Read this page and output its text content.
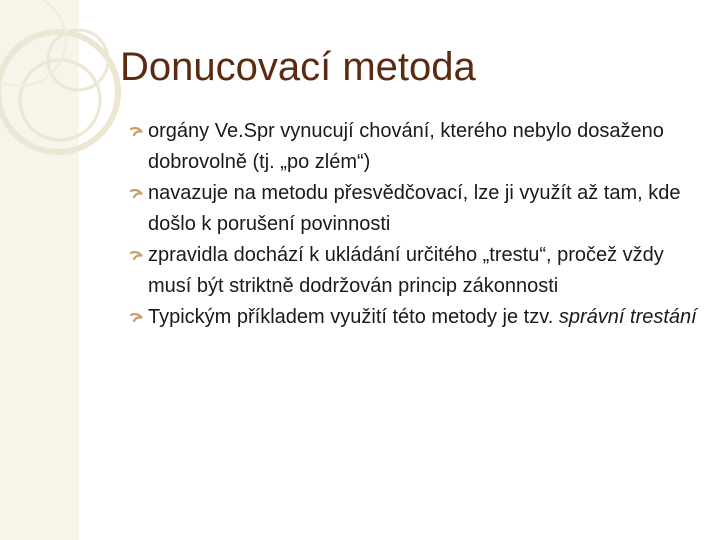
Donucovací metoda
orgány Ve.Spr vynucují chování, kterého nebylo dosaženo dobrovolně (tj. „po zlém“)
navazuje na metodu přesvědčovací, lze ji využít až tam, kde došlo k porušení povinnosti
zpravidla dochází k ukládání určitého „trestu“, pročež vždy musí být striktně dodržován princip zákonnosti
Typickým příkladem využití této metody je tzv. správní trestání
